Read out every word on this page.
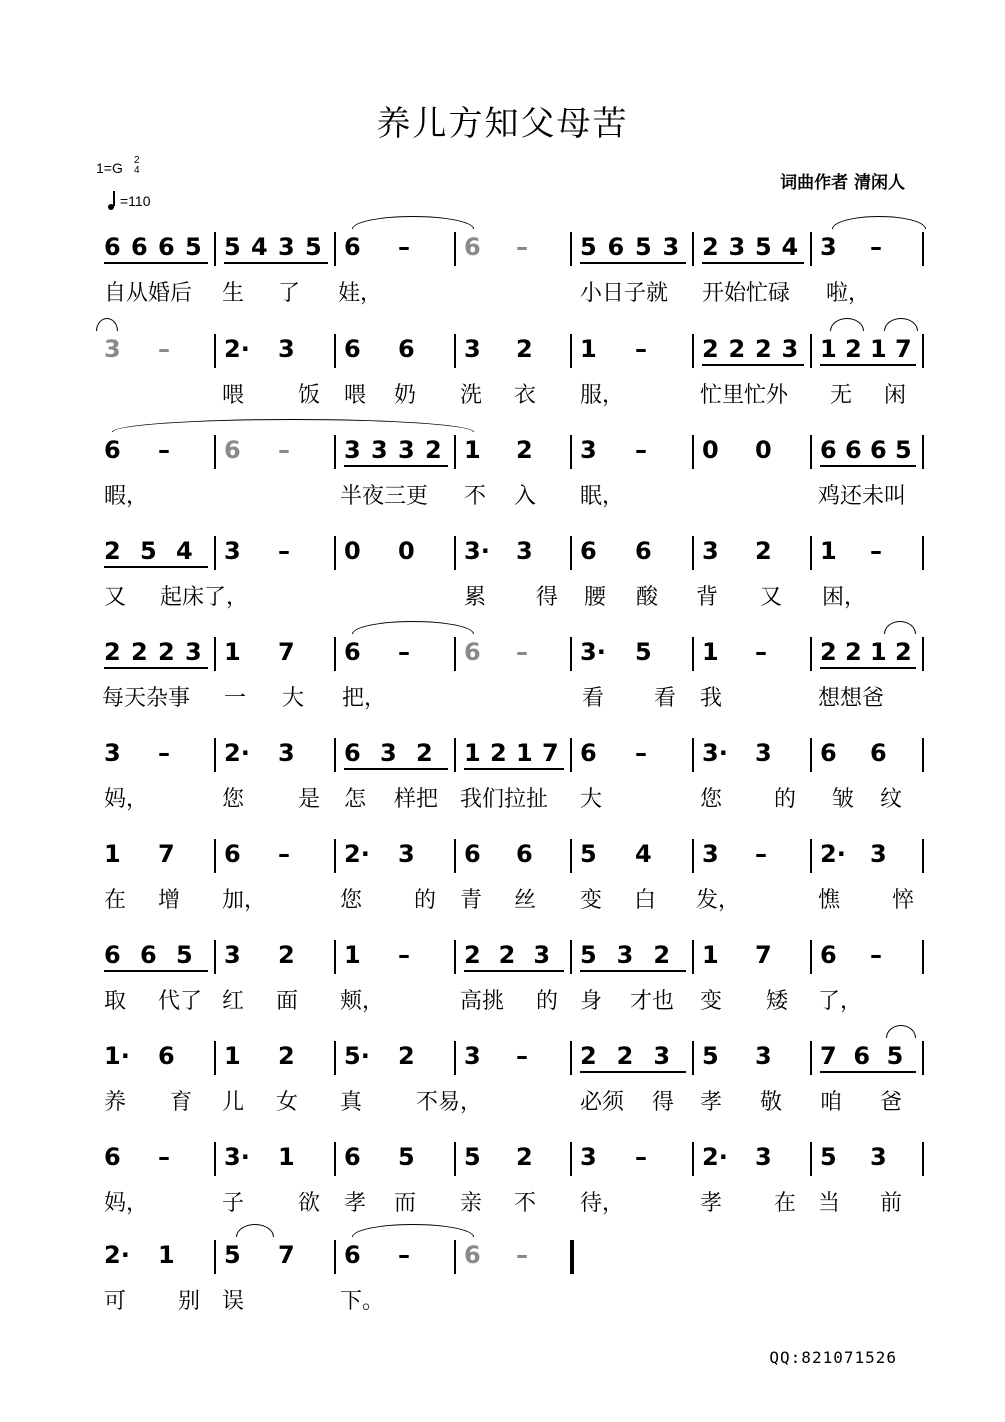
养儿方知父母苦
1=G 2
4
=110
词曲作者 清闲人
6 6 6 5 5 4 3 5 6 – 6 – 5 6 5 3 2 3 5 4 3 –
自从婚后 生 了 娃，	小日子就 开始忙碌 啦，
3 – 2· 3 6 6 3 2 1 – 2 2 2 3 1 2 1 7
喂 饭 喂 奶 洗 衣 服，	忙里忙外 无 闲
6 – 6 – 3 3 3 2 1 2 3 – 0 0 6 6 6 5
暇，	半夜三更 不 入 眠，	鸡还未叫
2 5 4 3 – 0 0 3· 3 6 6 3 2 1 –
又 起床了，	累 得 腰 酸 背 又 困，
2 2 2 3 1 7 6 – 6 – 3· 5 1 – 2 2 1 2
每天杂事 一 大 把，	看 看 我	想想爸
3 – 2· 3 6 3 2 1 2 1 7 6 – 3· 3 6 6
妈，	您 是 怎 样把 我们拉扯 大	您 的 皱 纹
1 7 6 – 2· 3 6 6 5 4 3 – 2· 3
在 增 加，	您 的 青 丝 变 白 发，	憔 悴
6 6 5 3 2 1 – 2 2 3 5 3 2 1 7 6 –
取 代了 红 面 颊，	高挑 的 身 才也 变 矮 了，
1· 6 1 2 5· 2 3 – 2 2 3 5 3 7 6 5
养 育 儿 女 真 不易，	必须 得 孝 敬 咱 爸
6 – 3· 1 6 5 5 2 3 – 2· 3 5 3
妈，	子 欲 孝 而 亲 不 待，	孝 在 当 前
2· 1 5 7 6 – 6 –
可 别 误	下。
QQ:821071526
